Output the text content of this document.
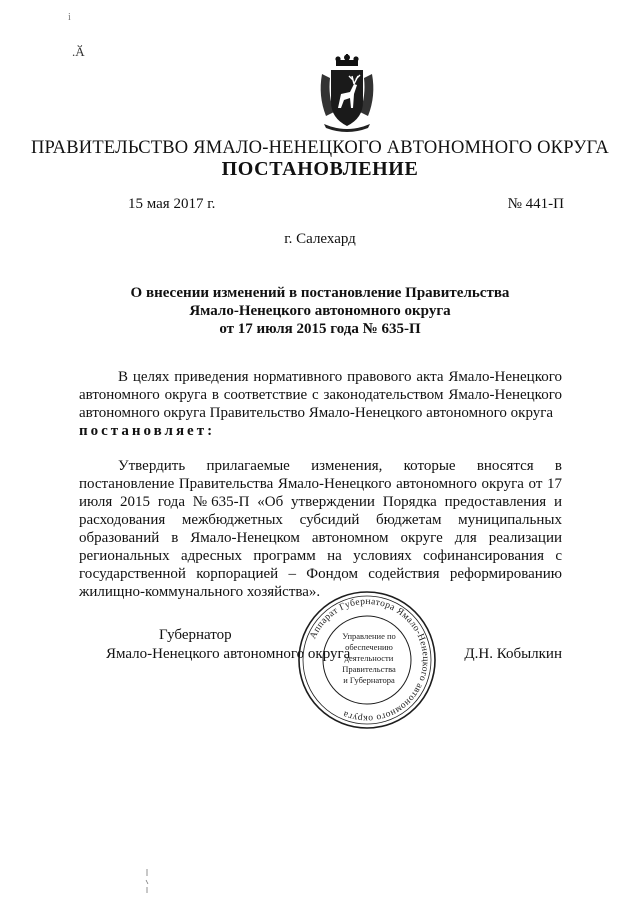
i
.Ӑ
ПРАВИТЕЛЬСТВО ЯМАЛО-НЕНЕЦКОГО АВТОНОМНОГО ОКРУГА
ПОСТАНОВЛЕНИЕ
15 мая 2017 г.	№ 441-П
г. Салехард
О внесении изменений в постановление Правительства
Ямало-Ненецкого автономного округа
от 17 июля 2015 года № 635-П

В целях приведения нормативного правового акта Ямало-Ненецкого автономного округа в соответствие с законодательством Ямало-Ненецкого автономного округа Правительство Ямало-Ненецкого автономного округа
постановляет:

Утвердить прилагаемые изменения, которые вносятся в постановление Правительства Ямало-Ненецкого автономного округа от 17 июля 2015 года №635-П «Об утверждении Порядка предоставления и расходования межбюджетных субсидий бюджетам муниципальных образований в Ямало-Ненецком автономном округе для реализации региональных адресных программ на условиях софинансирования с государственной корпорацией – Фондом содействия реформированию жилищно-коммунального хозяйства».

Губернатор
Ямало-Ненецкого автономного округа	Д.Н. Кобылкин
Аппарат Губернатора Ямало-Ненецкого автономного округа
Управление по
обеспечению
деятельности
Правительства
и Губернатора
